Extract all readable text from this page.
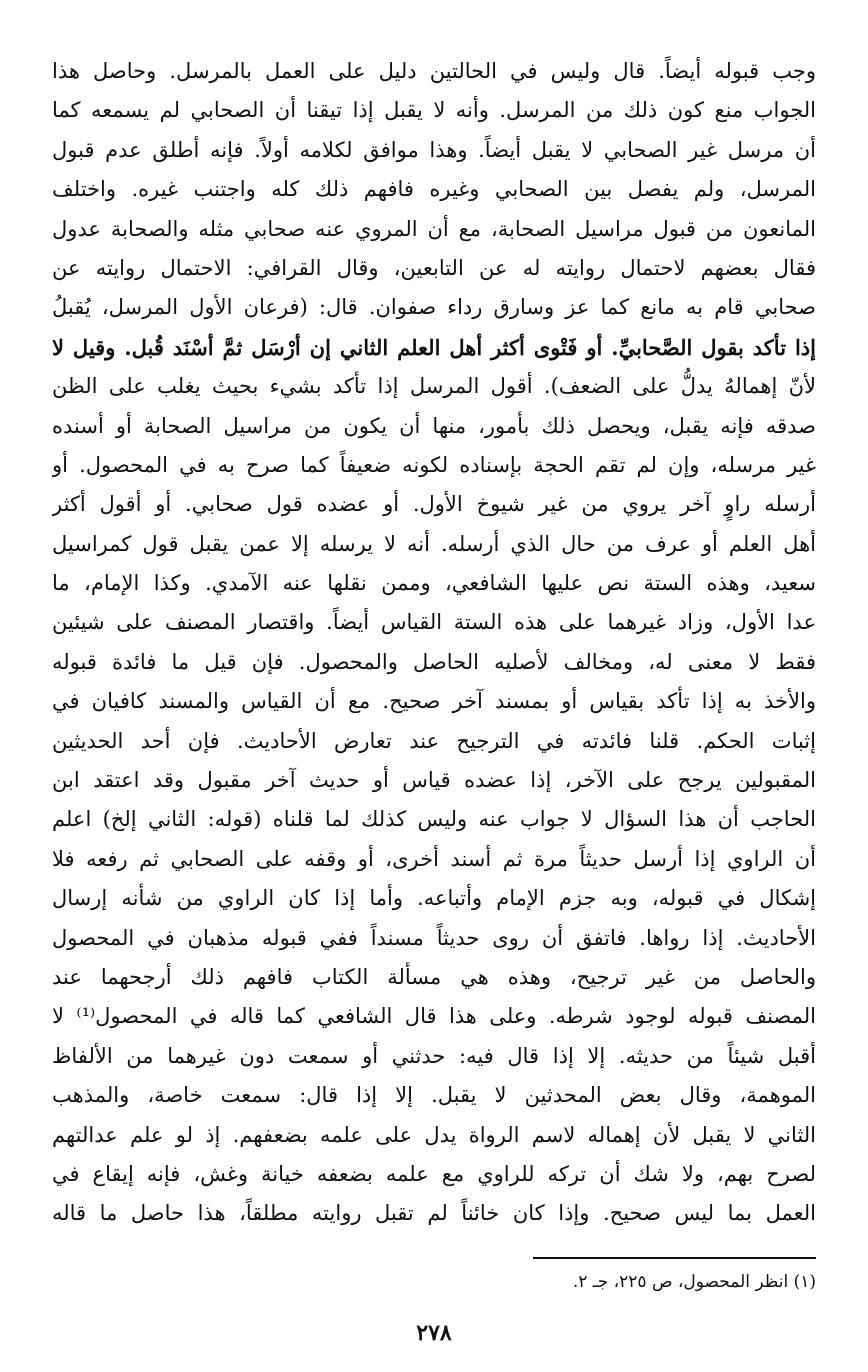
وجب قبوله أيضاً. قال وليس في الحالتين دليل على العمل بالمرسل. وحاصل هذا
الجواب منع كون ذلك من المرسل. وأنه لا يقبل إذا تيقنا أن الصحابي لم يسمعه كما
أن مرسل غير الصحابي لا يقبل أيضاً. وهذا موافق لكلامه أولاً. فإنه أطلق عدم قبول
المرسل، ولم يفصل بين الصحابي وغيره فافهم ذلك كله واجتنب غيره. واختلف
المانعون من قبول مراسيل الصحابة، مع أن المروي عنه صحابي مثله والصحابة عدول
فقال بعضهم لاحتمال روايته له عن التابعين، وقال القرافي: الاحتمال روايته عن
صحابي قام به مانع كما عز وسارق رداء صفوان. قال: (فرعان الأول المرسل، يُقبلُ
إذا تأكد بقول الصَّحابيِّ. أو فَتْوى أكثر أهل العلم الثاني إن أرْسَل ثمَّ أسْنَد قُبل. وقيل لا
لأنّ إهمالهُ يدلُّ على الضعف). أقول المرسل إذا تأكد بشيء بحيث يغلب على الظن
صدقه فإنه يقبل، ويحصل ذلك بأمور، منها أن يكون من مراسيل الصحابة أو أسنده
غير مرسله، وإن لم تقم الحجة بإسناده لكونه ضعيفاً كما صرح به في المحصول. أو
أرسله راوٍ آخر يروي من غير شيوخ الأول. أو عضده قول صحابي. أو أقول أكثر
أهل العلم أو عرف من حال الذي أرسله. أنه لا يرسله إلا عمن يقبل قول كمراسيل
سعيد، وهذه الستة نص عليها الشافعي، وممن نقلها عنه الآمدي. وكذا الإمام، ما
عدا الأول، وزاد غيرهما على هذه الستة القياس أيضاً. واقتصار المصنف على شيئين
فقط لا معنى له، ومخالف لأصليه الحاصل والمحصول. فإن قيل ما فائدة قبوله
والأخذ به إذا تأكد بقياس أو بمسند آخر صحيح. مع أن القياس والمسند كافيان في
إثبات الحكم. قلنا فائدته في الترجيح عند تعارض الأحاديث. فإن أحد الحديثين
المقبولين يرجح على الآخر، إذا عضده قياس أو حديث آخر مقبول وقد اعتقد ابن
الحاجب أن هذا السؤال لا جواب عنه وليس كذلك لما قلناه (قوله: الثاني إلخ) اعلم
أن الراوي إذا أرسل حديثاً مرة ثم أسند أخرى، أو وقفه على الصحابي ثم رفعه فلا
إشكال في قبوله، وبه جزم الإمام وأتباعه. وأما إذا كان الراوي من شأنه إرسال
الأحاديث. إذا رواها. فاتفق أن روى حديثاً مسنداً ففي قبوله مذهبان في المحصول
والحاصل من غير ترجيح، وهذه هي مسألة الكتاب فافهم ذلك أرجحهما عند
المصنف قبوله لوجود شرطه. وعلى هذا قال الشافعي كما قاله في المحصول⁽¹⁾ لا
أقبل شيئاً من حديثه. إلا إذا قال فيه: حدثني أو سمعت دون غيرهما من الألفاظ
الموهمة، وقال بعض المحدثين لا يقبل. إلا إذا قال: سمعت خاصة، والمذهب
الثاني لا يقبل لأن إهماله لاسم الرواة يدل على علمه بضعفهم. إذ لو علم عدالتهم
لصرح بهم، ولا شك أن تركه للراوي مع علمه بضعفه خيانة وغش، فإنه إيقاع في
العمل بما ليس صحيح. وإذا كان خائناً لم تقبل روايته مطلقاً، هذا حاصل ما قاله
(١) انظر المحصول، ص ٢٢٥، جـ ٢.
٢٧٨
